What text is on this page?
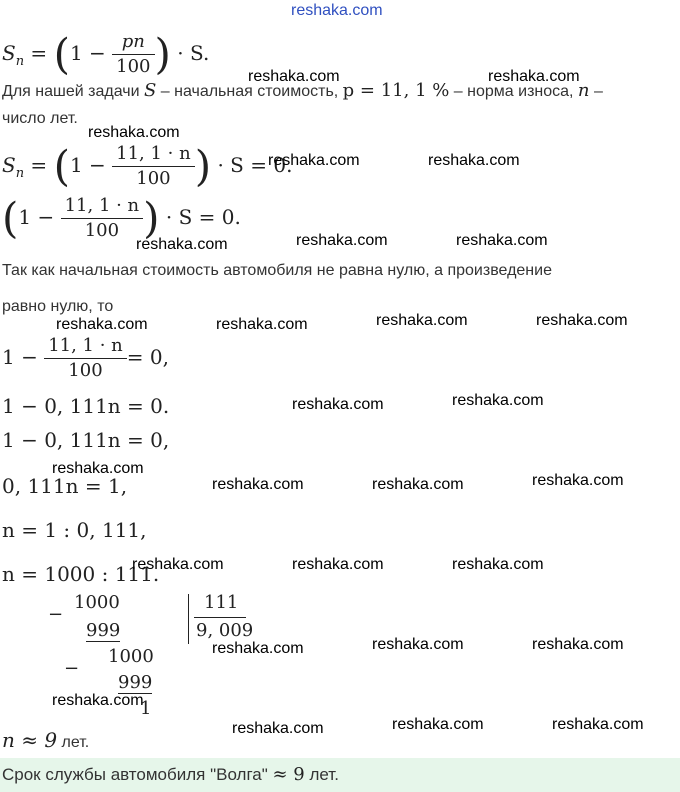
reshaka.com
$S_n = (1 - \frac{pn}{100}$ ) · S.
Для нашей задачи S – начальная стоимость, p = 11, 1 % – норма износа, n –
число лет.
$S_n = (1 - \frac{11, 1 \cdot n}{100}$ ) · S = 0.
($1 - \frac{11, 1 \cdot n}{100}$ ) · S = 0.
Так как начальная стоимость автомобиля не равна нулю, а произведение
равно нулю, то
$1 - \frac{11, 1 \cdot n}{100} = 0$,
1 − 0, 111n = 0.
1 − 0, 111n = 0,
0, 111n = 1,
n = 1 : 0, 111,
n = 1000 : 111.
−
1000
999
−
1000
999
1
111
9, 009
n ≈ 9 лет.
Срок службы автомобиля "Волга" ≈ 9 лет.
reshaka.com	reshaka.com
reshaka.com
reshaka.com	reshaka.com
reshaka.com	reshaka.com	reshaka.com
reshaka.com	reshaka.com	reshaka.com	reshaka.com
reshaka.com	reshaka.com
reshaka.com
reshaka.com	reshaka.com	reshaka.com
reshaka.com	reshaka.com	reshaka.com
reshaka.com	reshaka.com	reshaka.com
reshaka.com
reshaka.com	reshaka.com	reshaka.com
